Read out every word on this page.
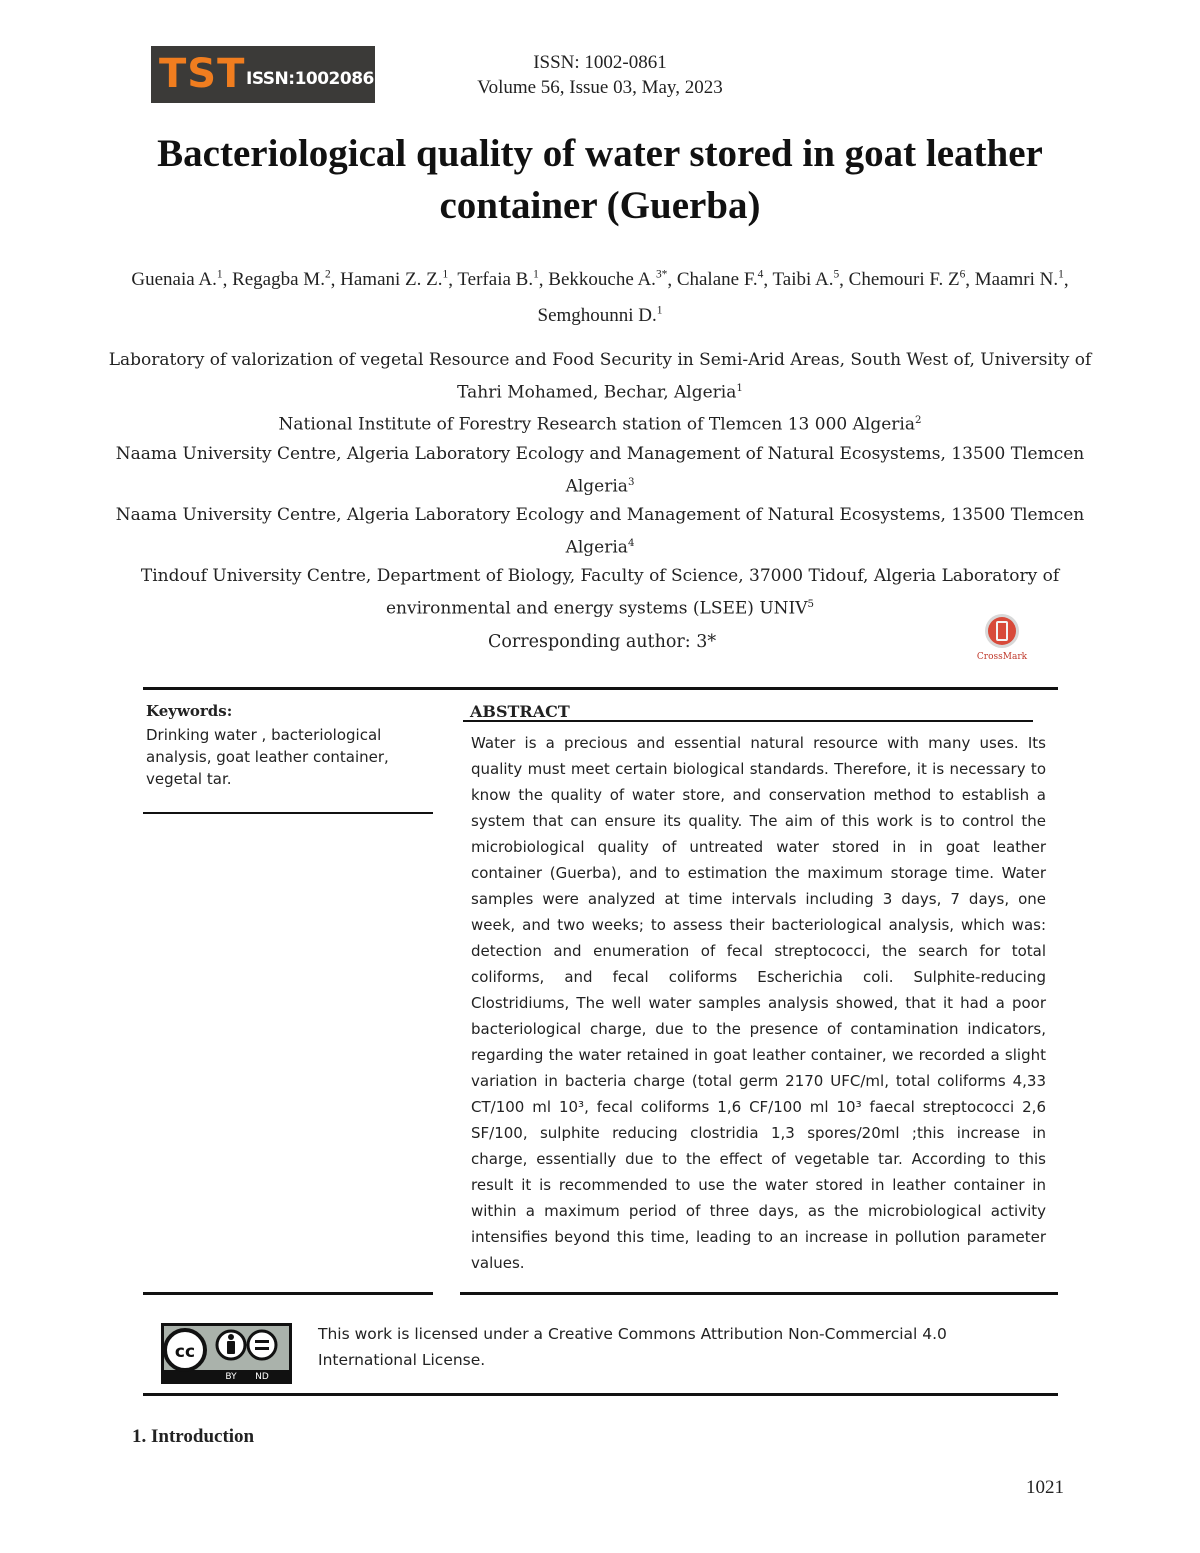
TST ISSN:10020861
ISSN: 1002-0861
Volume 56, Issue 03, May, 2023
Bacteriological quality of water stored in goat leather container (Guerba)
Guenaia A.$^1$, Regagba M.$^2$, Hamani Z. Z.$^1$, Terfaia B.$^1$, Bekkouche A.$^{3*}$, Chalane F.$^4$, Taibi A.$^5$, Chemouri F. $Z^6$, Maamri N.$^1$, Semghounni D.$^1$
Laboratory of valorization of vegetal Resource and Food Security in Semi-Arid Areas, South West of, University of Tahri Mohamed, Bechar, Algeria$^1$
National Institute of Forestry Research station of Tlemcen 13 000 Algeria$^2$
Naama University Centre, Algeria Laboratory Ecology and Management of Natural Ecosystems, 13500 Tlemcen Algeria$^3$
Naama University Centre, Algeria Laboratory Ecology and Management of Natural Ecosystems, 13500 Tlemcen Algeria$^4$
Tindouf University Centre, Department of Biology, Faculty of Science, 37000 Tidouf, Algeria Laboratory of environmental and energy systems (LSEE) UNIV$^5$
Corresponding author: 3*
CrossMark
Keywords:
Drinking water , bacteriological analysis, goat leather container, vegetal tar.
ABSTRACT
Water is a precious and essential natural resource with many uses. Its quality must meet certain biological standards. Therefore, it is necessary to know the quality of water store, and conservation method to establish a system that can ensure its quality. The aim of this work is to control the microbiological quality of untreated water stored in in goat leather container (Guerba), and to estimation the maximum storage time. Water samples were analyzed at time intervals including 3 days, 7 days, one week, and two weeks; to assess their bacteriological analysis, which was: detection and enumeration of fecal streptococci, the search for total coliforms, and fecal coliforms Escherichia coli. Sulphite-reducing Clostridiums, The well water samples analysis showed, that it had a poor bacteriological charge, due to the presence of contamination indicators, regarding the water retained in goat leather container, we recorded a slight variation in bacteria charge (total germ 2170 UFC/ml, total coliforms 4,33 CT/100 ml 10³, fecal coliforms 1,6 CF/100 ml 10³ faecal streptococci 2,6 SF/100, sulphite reducing clostridia 1,3 spores/20ml ;this increase in charge, essentially due to the effect of vegetable tar. According to this result it is recommended to use the water stored in leather container in within a maximum period of three days, as the microbiological activity intensifies beyond this time, leading to an increase in pollution parameter values.
cc
BY ND
This work is licensed under a Creative Commons Attribution Non-Commercial 4.0 International License.
1. Introduction
1021
